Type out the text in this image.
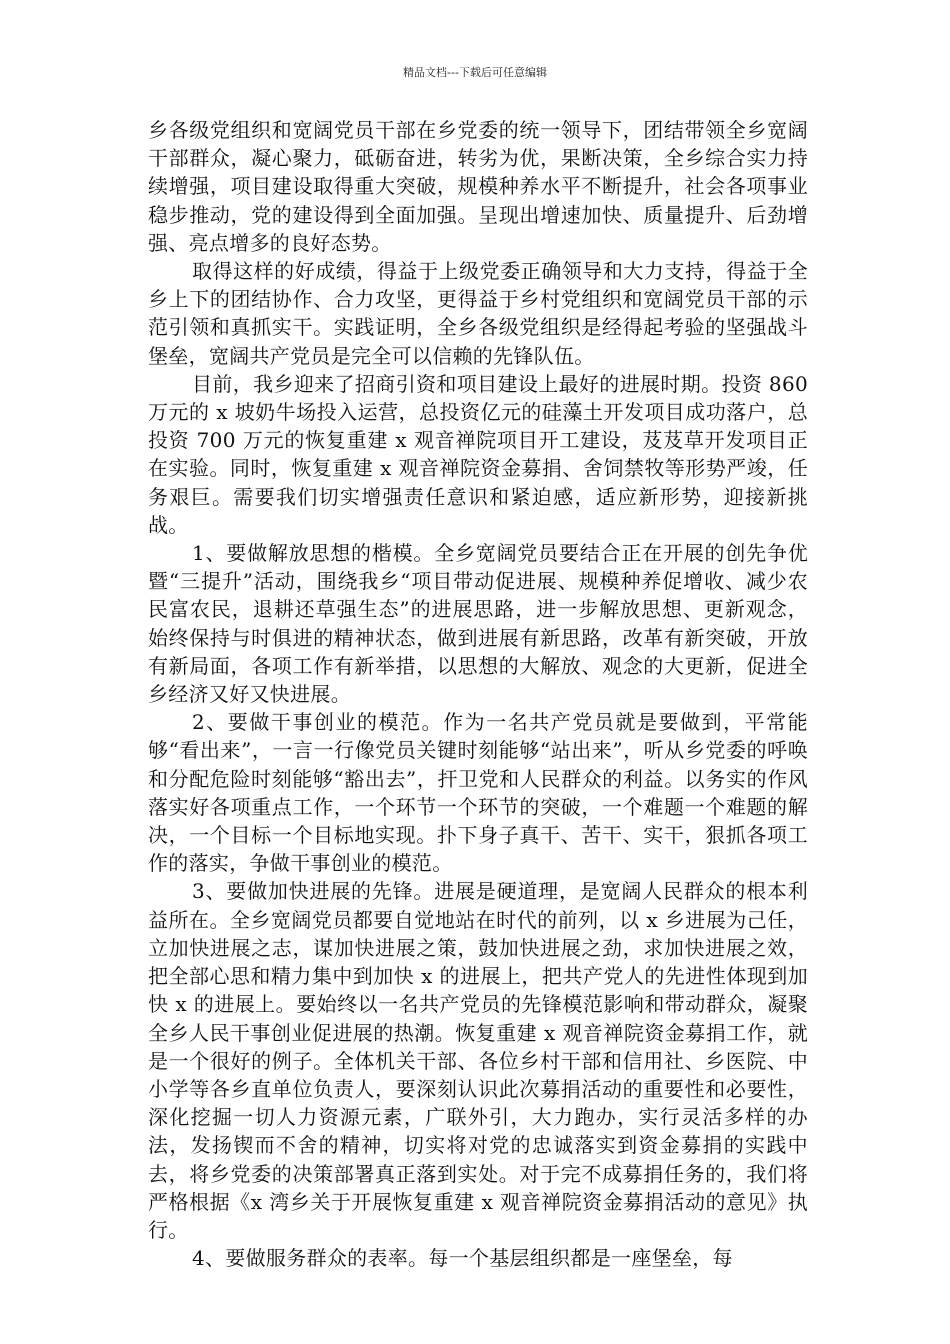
精品文档---下载后可任意编辑

乡各级党组织和宽阔党员干部在乡党委的统一领导下，团结带领全乡宽阔干部群众，凝心聚力，砥砺奋进，转劣为优，果断决策，全乡综合实力持续增强，项目建设取得重大突破，规模种养水平不断提升，社会各项事业稳步推动，党的建设得到全面加强。呈现出增速加快、质量提升、后劲增强、亮点增多的良好态势。

取得这样的好成绩，得益于上级党委正确领导和大力支持，得益于全乡上下的团结协作、合力攻坚，更得益于乡村党组织和宽阔党员干部的示范引领和真抓实干。实践证明，全乡各级党组织是经得起考验的坚强战斗堡垒，宽阔共产党员是完全可以信赖的先锋队伍。

目前，我乡迎来了招商引资和项目建设上最好的进展时期。投资 860 万元的 x 坡奶牛场投入运营，总投资亿元的硅藻土开发项目成功落户，总投资 700 万元的恢复重建 x 观音禅院项目开工建设，芨芨草开发项目正在实验。同时，恢复重建 x 观音禅院资金募捐、舍饲禁牧等形势严竣，任务艰巨。需要我们切实增强责任意识和紧迫感，适应新形势，迎接新挑战。

1、要做解放思想的楷模。全乡宽阔党员要结合正在开展的创先争优暨“三提升”活动，围绕我乡“项目带动促进展、规模种养促增收、减少农民富农民，退耕还草强生态”的进展思路，进一步解放思想、更新观念，始终保持与时俱进的精神状态，做到进展有新思路，改革有新突破，开放有新局面，各项工作有新举措，以思想的大解放、观念的大更新，促进全乡经济又好又快进展。

2、要做干事创业的模范。作为一名共产党员就是要做到，平常能够“看出来”，一言一行像党员关键时刻能够“站出来”，听从乡党委的呼唤和分配危险时刻能够“豁出去”，扞卫党和人民群众的利益。以务实的作风落实好各项重点工作，一个环节一个环节的突破，一个难题一个难题的解决，一个目标一个目标地实现。扑下身子真干、苦干、实干，狠抓各项工作的落实，争做干事创业的模范。

3、要做加快进展的先锋。进展是硬道理，是宽阔人民群众的根本利益所在。全乡宽阔党员都要自觉地站在时代的前列，以 x 乡进展为己任，立加快进展之志，谋加快进展之策，鼓加快进展之劲，求加快进展之效，把全部心思和精力集中到加快 x 的进展上，把共产党人的先进性体现到加快 x 的进展上。要始终以一名共产党员的先锋模范影响和带动群众，凝聚全乡人民干事创业促进展的热潮。恢复重建 x 观音禅院资金募捐工作，就是一个很好的例子。全体机关干部、各位乡村干部和信用社、乡医院、中小学等各乡直单位负责人，要深刻认识此次募捐活动的重要性和必要性，深化挖掘一切人力资源元素，广联外引，大力跑办，实行灵活多样的办法，发扬锲而不舍的精神，切实将对党的忠诚落实到资金募捐的实践中去，将乡党委的决策部署真正落到实处。对于完不成募捐任务的，我们将严格根据《x 湾乡关于开展恢复重建 x 观音禅院资金募捐活动的意见》执行。

4、要做服务群众的表率。每一个基层组织都是一座堡垒，每
